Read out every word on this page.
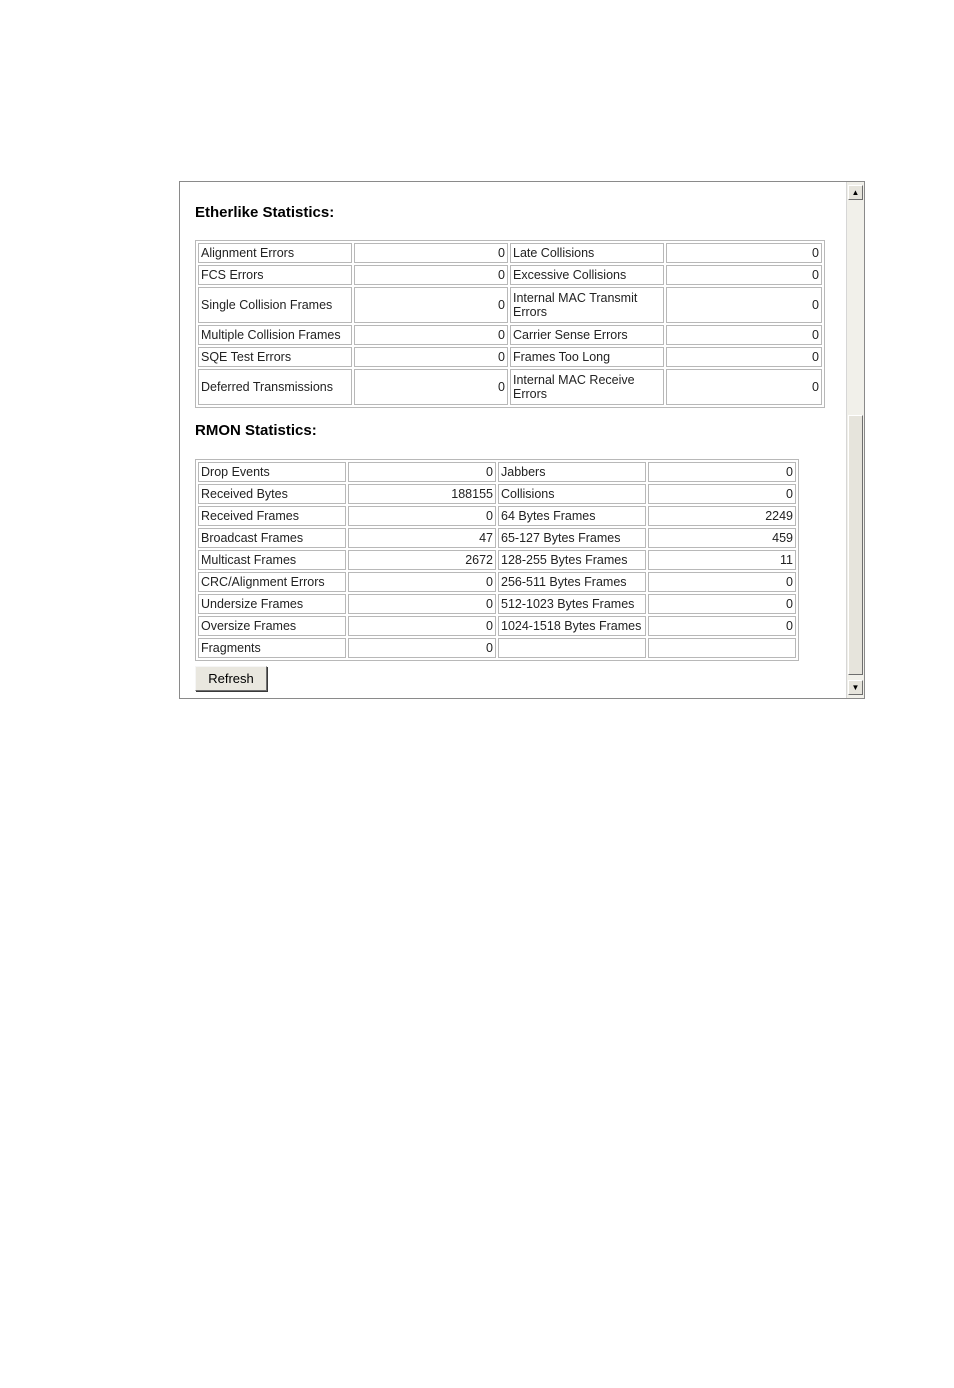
Etherlike Statistics:
Alignment Errors	0	Late Collisions	0
FCS Errors	0	Excessive Collisions	0
Single Collision Frames	0	Internal MAC Transmit Errors	0
Multiple Collision Frames	0	Carrier Sense Errors	0
SQE Test Errors	0	Frames Too Long	0
Deferred Transmissions	0	Internal MAC Receive Errors	0
RMON Statistics:
Drop Events	0	Jabbers	0
Received Bytes	188155	Collisions	0
Received Frames	0	64 Bytes Frames	2249
Broadcast Frames	47	65-127 Bytes Frames	459
Multicast Frames	2672	128-255 Bytes Frames	11
CRC/Alignment Errors	0	256-511 Bytes Frames	0
Undersize Frames	0	512-1023 Bytes Frames	0
Oversize Frames	0	1024-1518 Bytes Frames	0
Fragments	0		
Refresh
▲
▼
